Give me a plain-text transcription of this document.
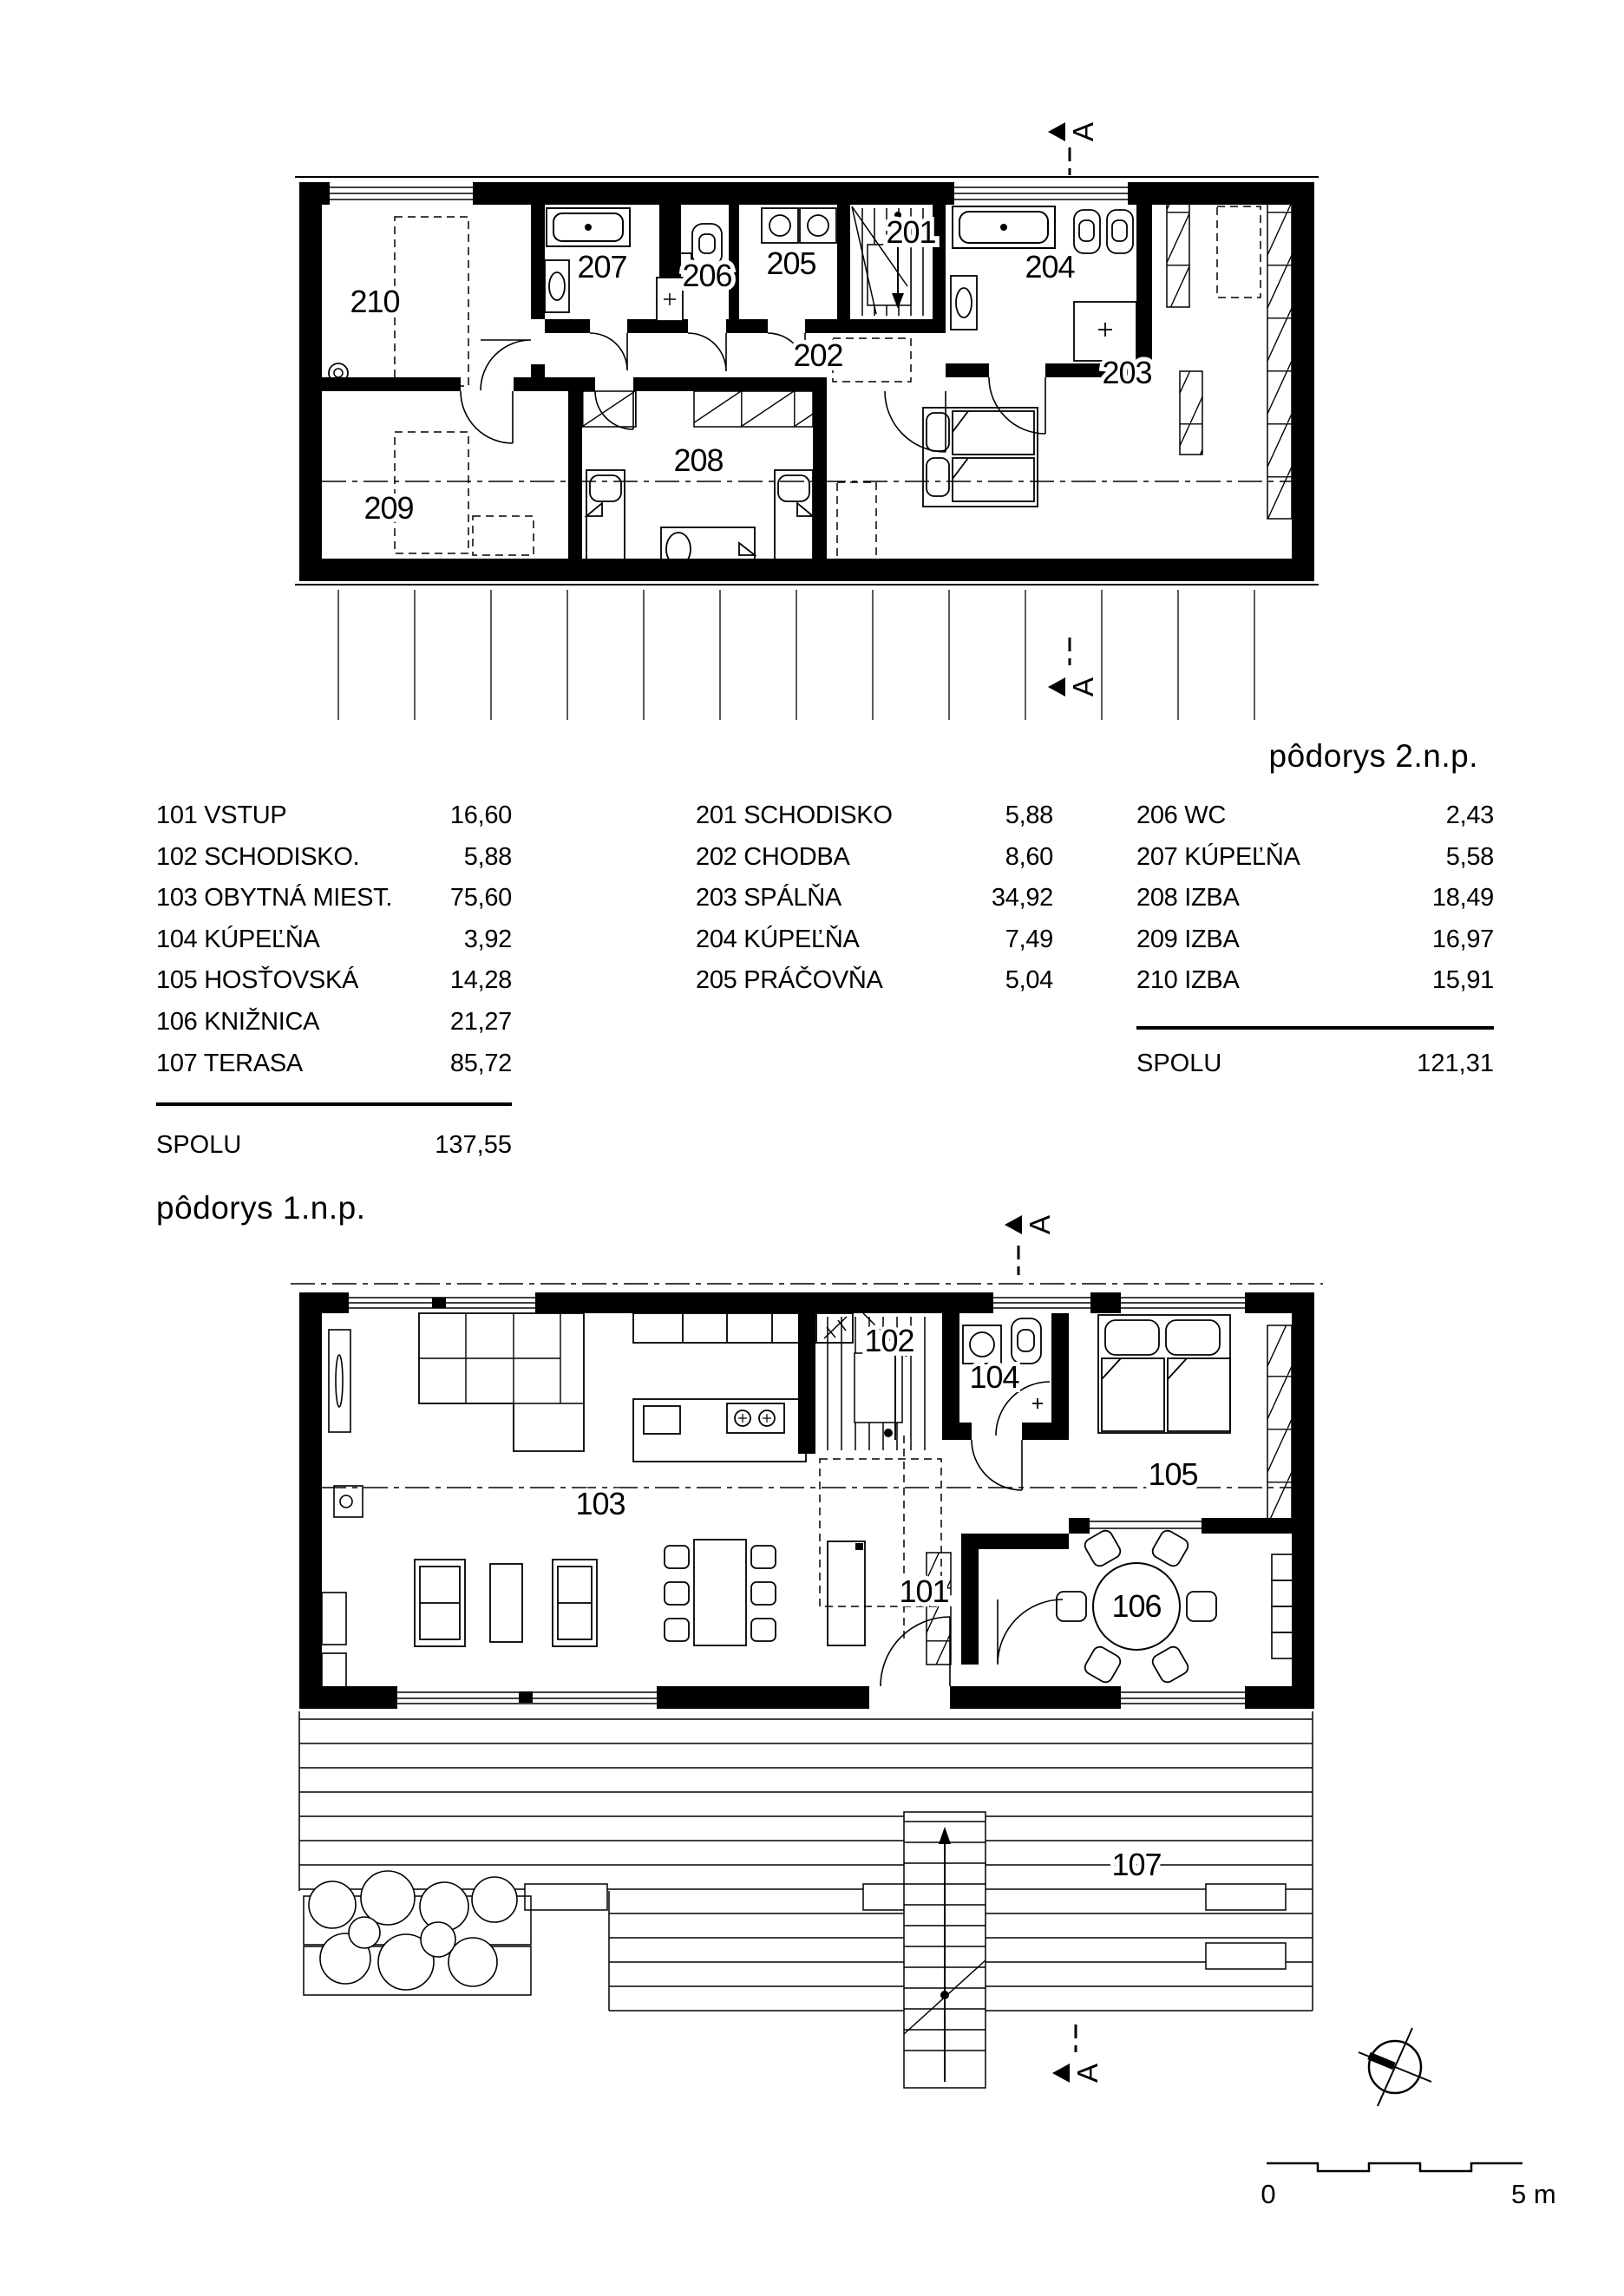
210
207 206 205
201
204
202	203
208
209
102
104
105
103
101	106
107
A
A
A
A
0	5 m
101 VSTUP	16,60
102 SCHODISKO.	5,88
103 OBYTNÁ MIEST. 75,60
104 KÚPEĽŇA	3,92
105 HOSŤOVSKÁ	14,28
106 KNIŽNICA	21,27
107 TERASA	85,72
SPOLU	137,55
pôdorys 1.n.p.
201 SCHODISKO	5,88
202 CHODBA	8,60
203 SPÁLŇA	34,92
204 KÚPEĽŇA	7,49
205 PRÁČOVŇA	5,04
pôdorys 2.n.p.
206 WC	2,43
207 KÚPEĽŇA	5,58
208 IZBA	18,49
209 IZBA	16,97
210 IZBA	15,91
SPOLU	121,31
